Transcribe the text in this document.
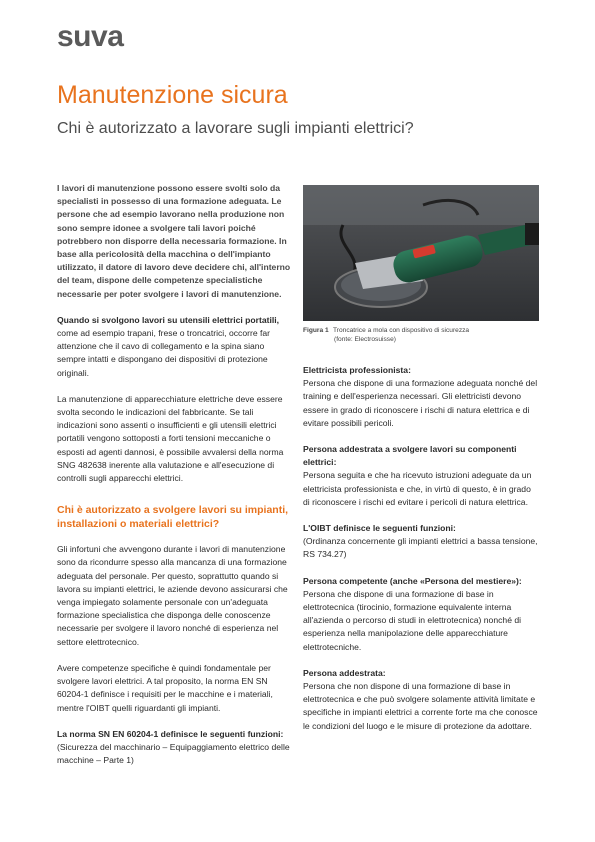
suva
Manutenzione sicura
Chi è autorizzato a lavorare sugli impianti elettrici?

I lavori di manutenzione possono essere svolti solo da specialisti in possesso di una formazione adeguata. Le persone che ad esempio lavorano nella produzione non sono sempre idonee a svolgere tali lavori poiché potrebbero non disporre della necessaria formazione. In base alla pericolosità della macchina o dell'impianto utilizzato, il datore di lavoro deve decidere chi, all'interno del team, dispone delle competenze specialistiche necessarie per poter svolgere i lavori di manutenzione.

Quando si svolgono lavori su utensili elettrici portatili, come ad esempio trapani, frese o troncatrici, occorre far attenzione che il cavo di collegamento e la spina siano sempre intatti e dispongano dei dispositivi di protezione originali.

La manutenzione di apparecchiature elettriche deve essere svolta secondo le indicazioni del fabbricante. Se tali indicazioni sono assenti o insufficienti e gli utensili elettrici portatili vengono sottoposti a forti tensioni meccaniche o esposti ad agenti dannosi, è possibile avvalersi della norma SNG 482638 inerente alla valutazione e all'esecuzione di controlli sugli apparecchi elettrici.

Chi è autorizzato a svolgere lavori su impianti, installazioni o materiali elettrici?

Gli infortuni che avvengono durante i lavori di manutenzione sono da ricondurre spesso alla mancanza di una formazione adeguata del personale. Per questo, soprattutto quando si lavora su impianti elettrici, le aziende devono assicurarsi che venga impiegato solamente personale con un'adeguata formazione specialistica che disponga delle conoscenze necessarie per svolgere il lavoro nonché di esperienza nel settore elettrotecnico.

Avere competenze specifiche è quindi fondamentale per svolgere lavori elettrici. A tal proposito, la norma EN SN 60204-1 definisce i requisiti per le macchine e i materiali, mentre l'OIBT quelli riguardanti gli impianti.

La norma SN EN 60204-1 definisce le seguenti funzioni:
(Sicurezza del macchinario – Equipaggiamento elettrico delle macchine – Parte 1)

Figura 1 Troncatrice a mola con dispositivo di sicurezza
(fonte: Electrosuisse)

Elettricista professionista:
Persona che dispone di una formazione adeguata nonché del training e dell'esperienza necessari. Gli elettricisti devono essere in grado di riconoscere i rischi di natura elettrica e di evitare possibili pericoli.

Persona addestrata a svolgere lavori su componenti elettrici:
Persona seguita e che ha ricevuto istruzioni adeguate da un elettricista professionista e che, in virtù di questo, è in grado di riconoscere i rischi ed evitare i pericoli di natura elettrica.

L'OIBT definisce le seguenti funzioni:
(Ordinanza concernente gli impianti elettrici a bassa tensione, RS 734.27)

Persona competente (anche «Persona del mestiere»):
Persona che dispone di una formazione di base in elettrotecnica (tirocinio, formazione equivalente interna all'azienda o percorso di studi in elettrotecnica) nonché di esperienza nella manipolazione delle apparecchiature elettrotecniche.

Persona addestrata:
Persona che non dispone di una formazione di base in elettrotecnica e che può svolgere solamente attività limitate e specifiche in impianti elettrici a corrente forte ma che conosce le condizioni del luogo e le misure di protezione da adottare.
